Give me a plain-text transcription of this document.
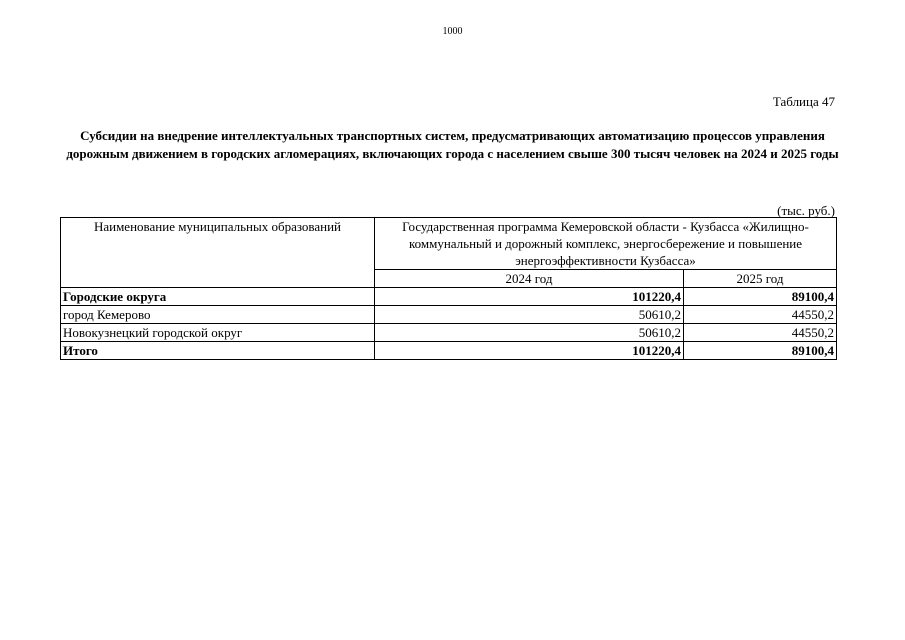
1000
Таблица 47
Субсидии на внедрение интеллектуальных транспортных систем, предусматривающих автоматизацию процессов управления дорожным движением в городских агломерациях, включающих города с населением свыше 300 тысяч человек на 2024 и 2025 годы
(тыс. руб.)
Наименование муниципальных образований	Государственная программа Кемеровской области - Кузбасса «Жилищно-коммунальный и дорожный комплекс, энергосбережение и повышение энергоэффективности Кузбасса»	
	2024 год	2025 год
Городские округа	101220,4	89100,4
город Кемерово	50610,2	44550,2
Новокузнецкий городской округ	50610,2	44550,2
Итого	101220,4	89100,4
